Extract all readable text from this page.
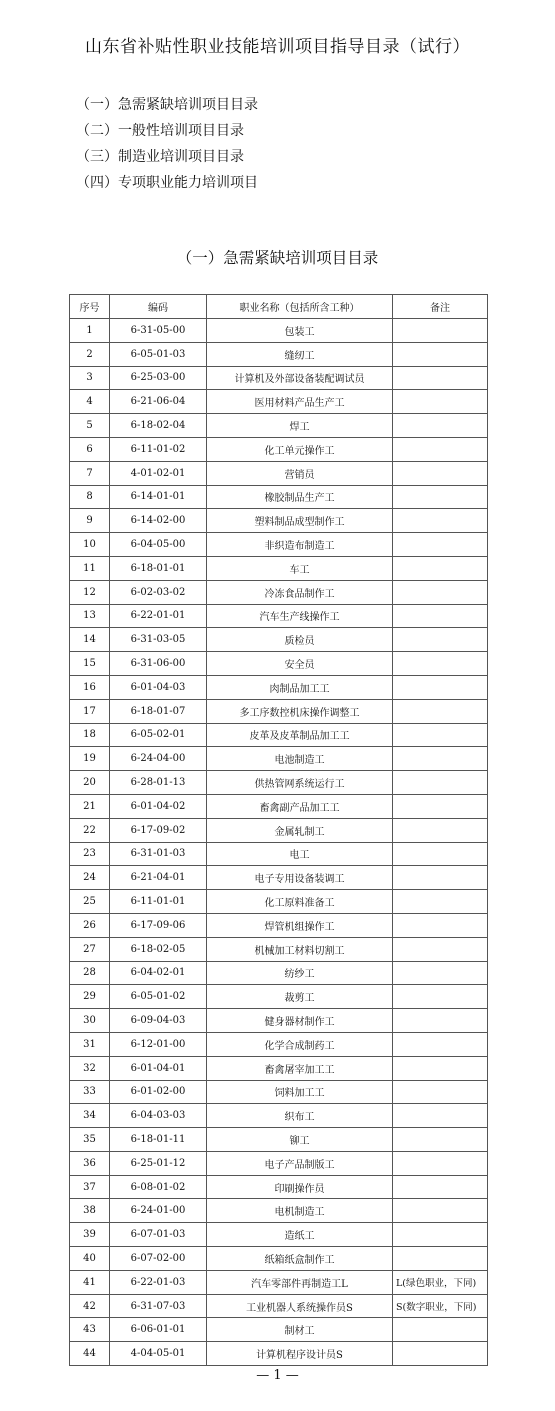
山东省补贴性职业技能培训项目指导目录（试行）
（一）急需紧缺培训项目目录
（二）一般性培训项目目录
（三）制造业培训项目目录
（四）专项职业能力培训项目
（一）急需紧缺培训项目目录
序号	编码	职业名称（包括所含工种）	备注
1	6-31-05-00	包装工	
2	6-05-01-03	缝纫工	
3	6-25-03-00	计算机及外部设备装配调试员	
4	6-21-06-04	医用材料产品生产工	
5	6-18-02-04	焊工	
6	6-11-01-02	化工单元操作工	
7	4-01-02-01	营销员	
8	6-14-01-01	橡胶制品生产工	
9	6-14-02-00	塑料制品成型制作工	
10	6-04-05-00	非织造布制造工	
11	6-18-01-01	车工	
12	6-02-03-02	冷冻食品制作工	
13	6-22-01-01	汽车生产线操作工	
14	6-31-03-05	质检员	
15	6-31-06-00	安全员	
16	6-01-04-03	肉制品加工工	
17	6-18-01-07	多工序数控机床操作调整工	
18	6-05-02-01	皮革及皮革制品加工工	
19	6-24-04-00	电池制造工	
20	6-28-01-13	供热管网系统运行工	
21	6-01-04-02	畜禽副产品加工工	
22	6-17-09-02	金属轧制工	
23	6-31-01-03	电工	
24	6-21-04-01	电子专用设备装调工	
25	6-11-01-01	化工原料准备工	
26	6-17-09-06	焊管机组操作工	
27	6-18-02-05	机械加工材料切割工	
28	6-04-02-01	纺纱工	
29	6-05-01-02	裁剪工	
30	6-09-04-03	健身器材制作工	
31	6-12-01-00	化学合成制药工	
32	6-01-04-01	畜禽屠宰加工工	
33	6-01-02-00	饲料加工工	
34	6-04-03-03	织布工	
35	6-18-01-11	铆工	
36	6-25-01-12	电子产品制版工	
37	6-08-01-02	印刷操作员	
38	6-24-01-00	电机制造工	
39	6-07-01-03	造纸工	
40	6-07-02-00	纸箱纸盒制作工	
41	6-22-01-03	汽车零部件再制造工L	L(绿色职业，下同)
42	6-31-07-03	工业机器人系统操作员S	S(数字职业，下同)
43	6-06-01-01	制材工	
44	4-04-05-01	计算机程序设计员S	
— 1 —
